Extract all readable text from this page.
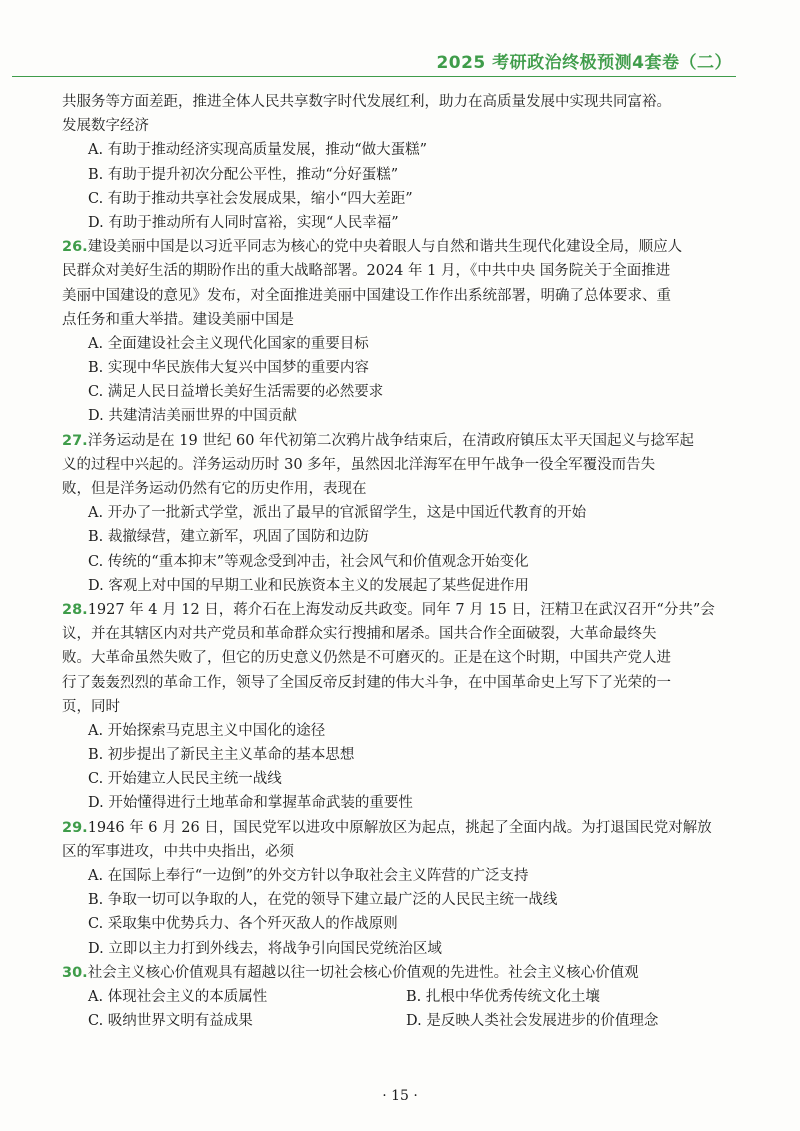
2025 考研政治终极预测4套卷（二）
共服务等方面差距，推进全体人民共享数字时代发展红利，助力在高质量发展中实现共同富裕。
发展数字经济
A. 有助于推动经济实现高质量发展，推动“做大蛋糕”
B. 有助于提升初次分配公平性，推动“分好蛋糕”
C. 有助于推动共享社会发展成果，缩小“四大差距”
D. 有助于推动所有人同时富裕，实现“人民幸福”
26.建设美丽中国是以习近平同志为核心的党中央着眼人与自然和谐共生现代化建设全局，顺应人
民群众对美好生活的期盼作出的重大战略部署。2024 年 1 月，《中共中央 国务院关于全面推进
美丽中国建设的意见》发布，对全面推进美丽中国建设工作作出系统部署，明确了总体要求、重
点任务和重大举措。建设美丽中国是
A. 全面建设社会主义现代化国家的重要目标
B. 实现中华民族伟大复兴中国梦的重要内容
C. 满足人民日益增长美好生活需要的必然要求
D. 共建清洁美丽世界的中国贡献
27.洋务运动是在 19 世纪 60 年代初第二次鸦片战争结束后，在清政府镇压太平天国起义与捻军起
义的过程中兴起的。洋务运动历时 30 多年，虽然因北洋海军在甲午战争一役全军覆没而告失
败，但是洋务运动仍然有它的历史作用，表现在
A. 开办了一批新式学堂，派出了最早的官派留学生，这是中国近代教育的开始
B. 裁撤绿营，建立新军，巩固了国防和边防
C. 传统的“重本抑末”等观念受到冲击，社会风气和价值观念开始变化
D. 客观上对中国的早期工业和民族资本主义的发展起了某些促进作用
28.1927 年 4 月 12 日，蒋介石在上海发动反共政变。同年 7 月 15 日，汪精卫在武汉召开“分共”会
议，并在其辖区内对共产党员和革命群众实行搜捕和屠杀。国共合作全面破裂，大革命最终失
败。大革命虽然失败了，但它的历史意义仍然是不可磨灭的。正是在这个时期，中国共产党人进
行了轰轰烈烈的革命工作，领导了全国反帝反封建的伟大斗争，在中国革命史上写下了光荣的一
页，同时
A. 开始探索马克思主义中国化的途径
B. 初步提出了新民主主义革命的基本思想
C. 开始建立人民民主统一战线
D. 开始懂得进行土地革命和掌握革命武装的重要性
29.1946 年 6 月 26 日，国民党军以进攻中原解放区为起点，挑起了全面内战。为打退国民党对解放
区的军事进攻，中共中央指出，必须
A. 在国际上奉行“一边倒”的外交方针以争取社会主义阵营的广泛支持
B. 争取一切可以争取的人，在党的领导下建立最广泛的人民民主统一战线
C. 采取集中优势兵力、各个歼灭敌人的作战原则
D. 立即以主力打到外线去，将战争引向国民党统治区域
30.社会主义核心价值观具有超越以往一切社会核心价值观的先进性。社会主义核心价值观
A. 体现社会主义的本质属性	B. 扎根中华优秀传统文化土壤
C. 吸纳世界文明有益成果	D. 是反映人类社会发展进步的价值理念
· 15 ·
